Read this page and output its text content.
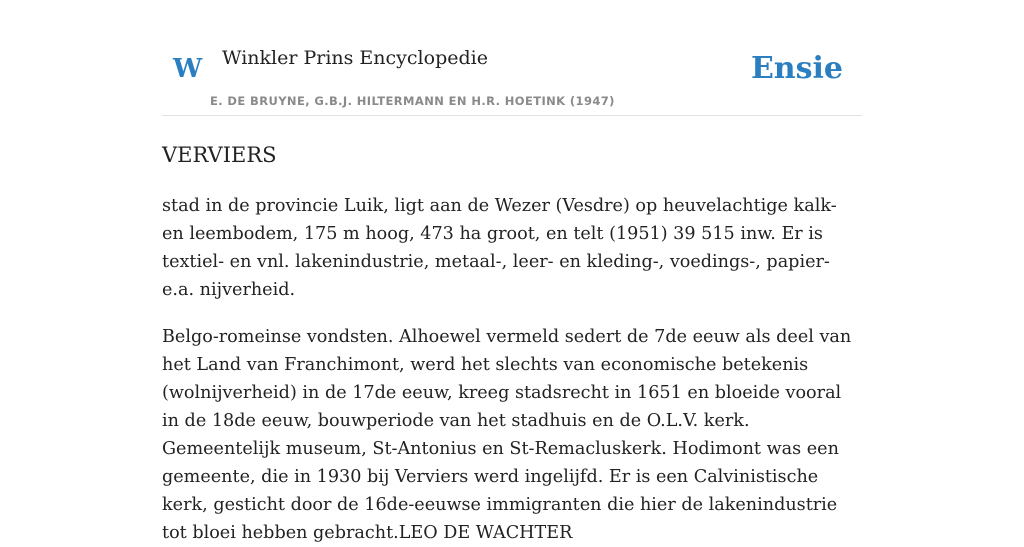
W Winkler Prins Encyclopedie	Ensie
E. DE BRUYNE, G.B.J. HILTERMANN EN H.R. HOETINK (1947)
VERVIERS

stad in de provincie Luik, ligt aan de Wezer (Vesdre) op heuvelachtige kalk- en leembodem, 175 m hoog, 473 ha groot, en telt (1951) 39 515 inw. Er is textiel- en vnl. lakenindustrie, metaal-, leer- en kleding-, voedings-, papier- e.a. nijverheid.

Belgo-romeinse vondsten. Alhoewel vermeld sedert de 7de eeuw als deel van het Land van Franchimont, werd het slechts van economische betekenis (wolnijverheid) in de 17de eeuw, kreeg stadsrecht in 1651 en bloeide vooral in de 18de eeuw, bouwperiode van het stadhuis en de O.L.V. kerk. Gemeentelijk museum, St-Antonius en St-Remacluskerk. Hodimont was een gemeente, die in 1930 bij Verviers werd ingelijfd. Er is een Calvinistische kerk, gesticht door de 16de-eeuwse immigranten die hier de lakenindustrie tot bloei hebben gebracht.LEO DE WACHTER
